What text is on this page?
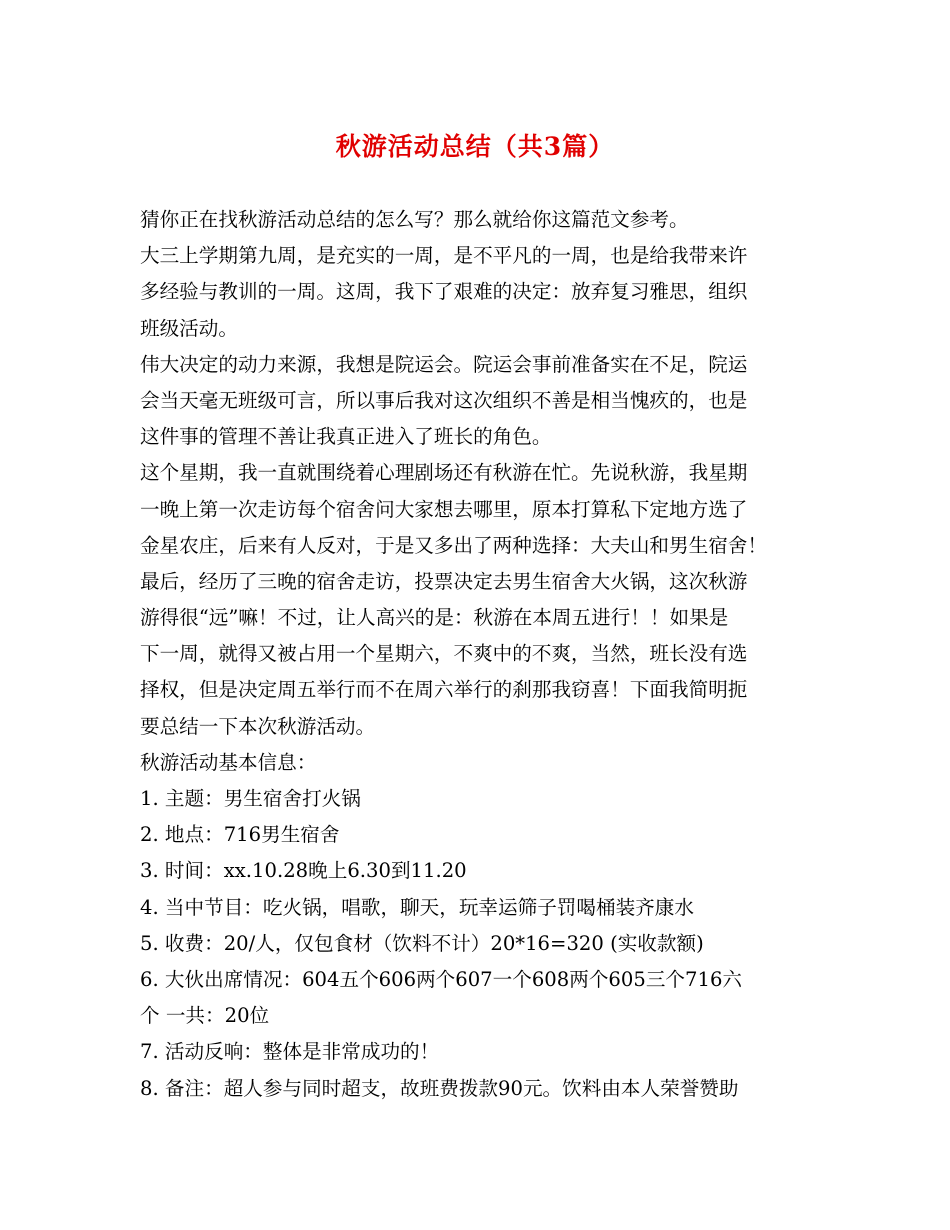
秋游活动总结（共3篇）
猜你正在找秋游活动总结的怎么写？那么就给你这篇范文参考。
大三上学期第九周，是充实的一周，是不平凡的一周，也是给我带来许
多经验与教训的一周。这周，我下了艰难的决定：放弃复习雅思，组织
班级活动。
伟大决定的动力来源，我想是院运会。院运会事前准备实在不足，院运
会当天毫无班级可言，所以事后我对这次组织不善是相当愧疚的，也是
这件事的管理不善让我真正进入了班长的角色。
这个星期，我一直就围绕着心理剧场还有秋游在忙。先说秋游，我星期
一晚上第一次走访每个宿舍问大家想去哪里，原本打算私下定地方选了
金星农庄，后来有人反对，于是又多出了两种选择：大夫山和男生宿舍！
最后，经历了三晚的宿舍走访，投票决定去男生宿舍大火锅，这次秋游
游得很“远”嘛！不过，让人高兴的是：秋游在本周五进行！！如果是
下一周，就得又被占用一个星期六，不爽中的不爽，当然，班长没有选
择权，但是决定周五举行而不在周六举行的刹那我窃喜！下面我简明扼
要总结一下本次秋游活动。
秋游活动基本信息：
1. 主题：男生宿舍打火锅
2. 地点：716男生宿舍
3. 时间：xx.10.28晚上6.30到11.20
4. 当中节目：吃火锅，唱歌，聊天，玩幸运筛子罚喝桶装齐康水
5. 收费：20/人，仅包食材（饮料不计）20*16=320 (实收款额)
6. 大伙出席情况：604五个606两个607一个608两个605三个716六
个 一共：20位
7. 活动反响：整体是非常成功的！
8. 备注：超人参与同时超支，故班费拨款90元。饮料由本人荣誉赞助
